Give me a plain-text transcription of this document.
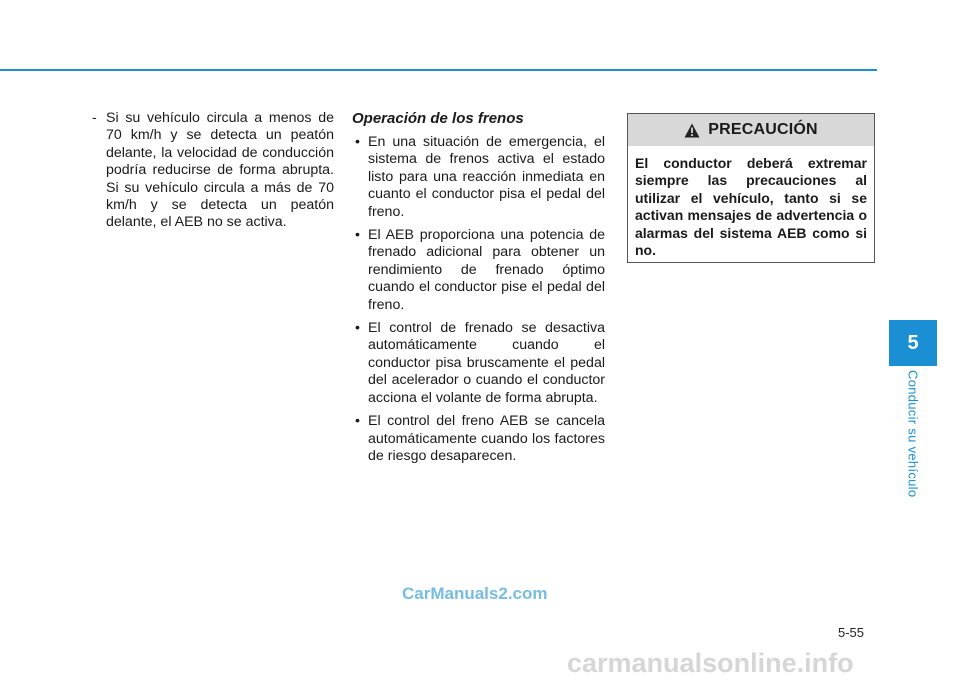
- Si su vehículo circula a menos de 70 km/h y se detecta un peatón delante, la velocidad de conducción podría reducirse de forma abrupta. Si su vehículo circula a más de 70 km/h y se detecta un peatón delante, el AEB no se activa.

Operación de los frenos

• En una situación de emergencia, el sistema de frenos activa el estado listo para una reacción inmediata en cuanto el conductor pisa el pedal del freno.

• El AEB proporciona una potencia de frenado adicional para obtener un rendimiento de frenado óptimo cuando el conductor pise el pedal del freno.

• El control de frenado se desactiva automáticamente cuando el conductor pisa bruscamente el pedal del acelerador o cuando el conductor acciona el volante de forma abrupta.

• El control del freno AEB se cancela automáticamente cuando los factores de riesgo desaparecen.

PRECAUCIÓN
El conductor deberá extremar siempre las precauciones al utilizar el vehículo, tanto si se activan mensajes de advertencia o alarmas del sistema AEB como si no.
5
Conducir su vehículo
CarManuals2.com
5-55
carmanualsonline.info
